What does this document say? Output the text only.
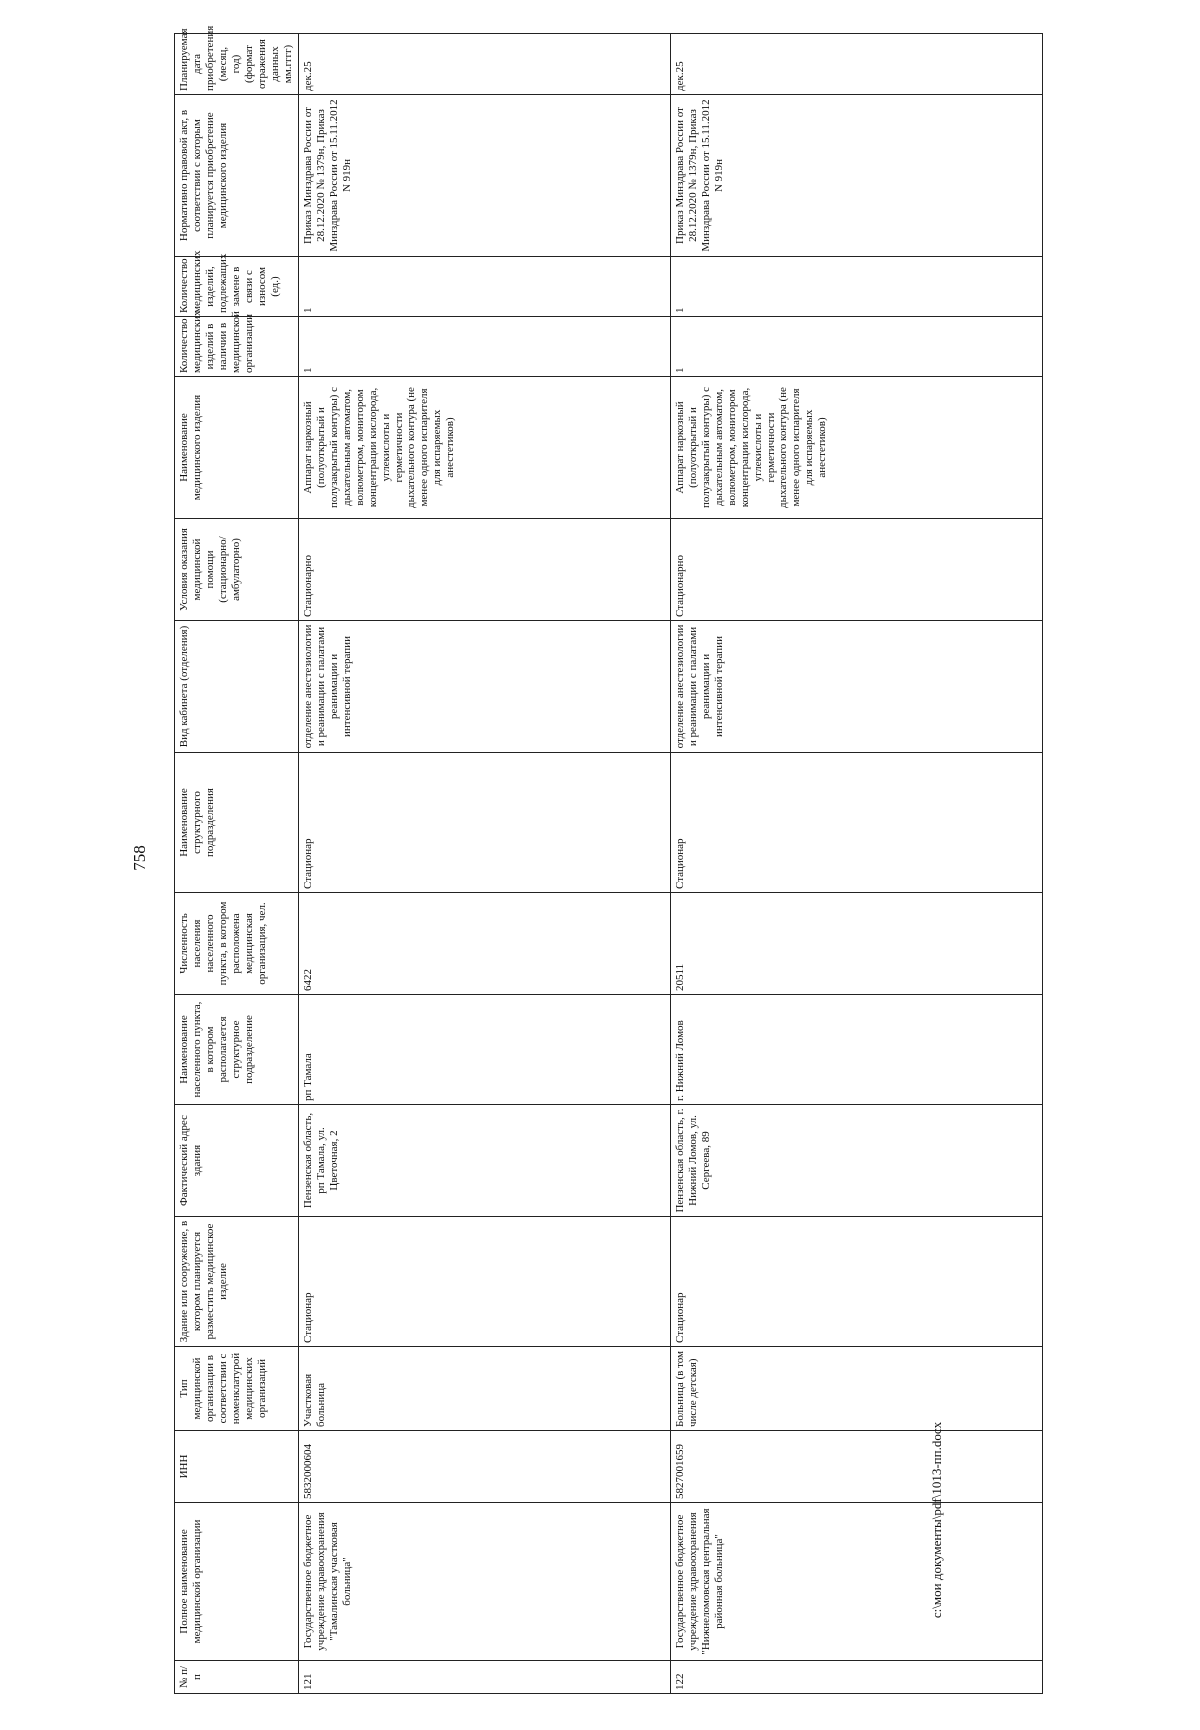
758
№ п/п	Полное наименование медицинской организации	ИНН	Тип медицинской организации в соответствии с номенклатурой медицинских организаций	Здание или сооружение, в котором планируется разместить медицинское изделие	Фактический адрес здания	Наименование населенного пункта, в котором располагается структурное подразделение	Численность населения населенного пункта, в котором расположена медицинская организация, чел.	Наименование структурного подразделения	Вид кабинета (отделения)	Условия оказания медицинской помощи (стационарно/амбулаторно)	Наименование медицинского изделия	Количество медицинских изделий в наличии в медицинской организации	Количество медицинских изделий, подлежащих замене в связи с износом (ед.)	Нормативно правовой акт, в соответствии с которым планируется приобретение медицинского изделия	Планируемая дата приобретения (месяц, год) (формат отражения данных мм.гггг)
121	Государственное бюджетное учреждение здравоохранения "Тамалинская участковая больница"	5832000604	Участковая больница	Стационар	Пензенская область, рп Тамала, ул. Цветочная, 2	рп Тамала	6422	Стационар	отделение анестезиологии и реанимации с палатами реанимации и интенсивной терапии	Стационарно	Аппарат наркозный (полуоткрытый и полузакрытый контуры) с дыхательным автоматом, волюметром, монитором концентрации кислорода, углекислоты и герметичности дыхательного контура (не менее одного испарителя для испаряемых анестетиков)	1	1	Приказ Минздрава России от 28.12.2020 № 1379н, Приказ Минздрава России от 15.11.2012 N 919н	дек.25
122	Государственное бюджетное учреждение здравоохранения "Нижнеломовская центральная районная больница"	5827001659	Больница (в том числе детская)	Стационар	Пензенская область, г. Нижний Ломов, ул. Сергеева, 89	г. Нижний Ломов	20511	Стационар	отделение анестезиологии и реанимации с палатами реанимации и интенсивной терапии	Стационарно	Аппарат наркозный (полуоткрытый и полузакрытый контуры) с дыхательным автоматом, волюметром, монитором концентрации кислорода, углекислоты и герметичности дыхательного контура (не менее одного испарителя для испаряемых анестетиков)	1	1	Приказ Минздрава России от 28.12.2020 № 1379н, Приказ Минздрава России от 15.11.2012 N 919н	дек.25
c:\мои документы\pdf\1013-пп.docx
